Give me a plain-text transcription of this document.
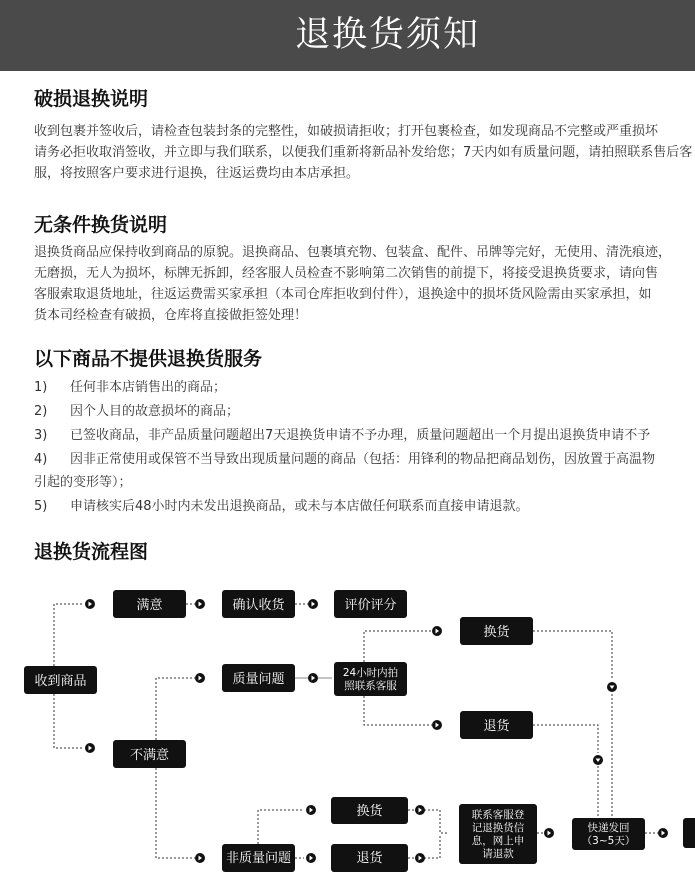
退换货须知
破损退换说明
收到包裹并签收后，请检查包装封条的完整性，如破损请拒收；打开包裹检查，如发现商品不完整或严重损坏
请务必拒收取消签收，并立即与我们联系，以便我们重新将新品补发给您；7天内如有质量问题，请拍照联系售后客
服，将按照客户要求进行退换，往返运费均由本店承担。
无条件换货说明
退换货商品应保持收到商品的原貌。退换商品、包裹填充物、包装盒、配件、吊牌等完好，无使用、清洗痕迹，
无磨损，无人为损坏，标牌无拆卸，经客服人员检查不影响第二次销售的前提下，将接受退换货要求，请向售
客服索取退货地址，往返运费需买家承担（本司仓库拒收到付件），退换途中的损坏货风险需由买家承担，如
货本司经检查有破损，仓库将直接做拒签处理！
以下商品不提供退换货服务
1) 任何非本店销售出的商品；
2) 因个人目的故意损坏的商品；
3) 已签收商品，非产品质量问题超出7天退换货申请不予办理，质量问题超出一个月提出退换货申请不予
4) 因非正常使用或保管不当导致出现质量问题的商品（包括：用锋利的物品把商品划伤，因放置于高温物
引起的变形等）；
5) 申请核实后48小时内未发出退换商品，或未与本店做任何联系而直接申请退款。
退换货流程图
收到商品
满意	确认收货	评价评分
质量问题	24小时内拍
照联系客服
换货
退货
不满意
非质量问题
换货
退货
联系客服登
记退换货信
息，网上申
请退款
快递发回
（3~5天）
